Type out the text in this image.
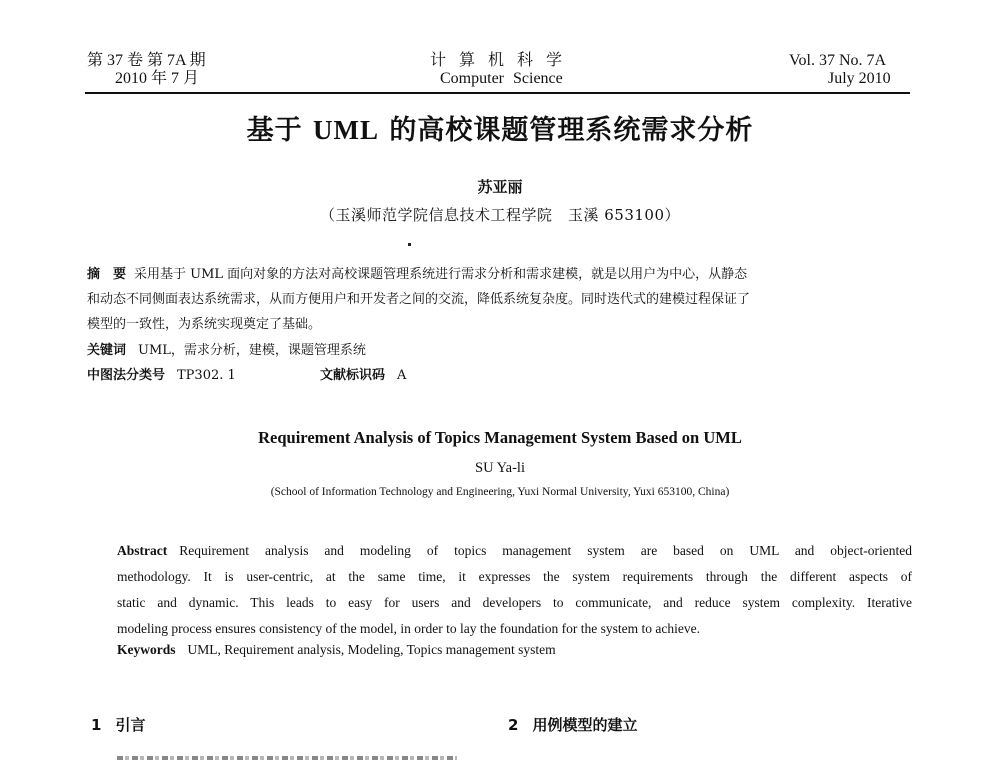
第 37 卷 第 7A 期
2010 年 7 月
计算机科学
Computer Science
Vol. 37 No. 7A
July 2010
基于 UML 的高校课题管理系统需求分析
苏亚丽
（玉溪师范学院信息技术工程学院　玉溪 653100）
摘　要 采用基于 UML 面向对象的方法对高校课题管理系统进行需求分析和需求建模，就是以用户为中心，从静态
和动态不同侧面表达系统需求，从而方便用户和开发者之间的交流，降低系统复杂度。同时迭代式的建模过程保证了
模型的一致性，为系统实现奠定了基础。
关键词 UML，需求分析，建模，课题管理系统
中图法分类号 TP302. 1	文献标识码 A
Requirement Analysis of Topics Management System Based on UML
SU Ya-li
(School of Information Technology and Engineering, Yuxi Normal University, Yuxi 653100, China)
Abstract Requirement analysis and modeling of topics management system are based on UML and object-oriented
methodology. It is user-centric, at the same time, it expresses the system requirements through the different aspects of
static and dynamic. This leads to easy for users and developers to communicate, and reduce system complexity. Iterative
modeling process ensures consistency of the model, in order to lay the foundation for the system to achieve.
Keywords UML, Requirement analysis, Modeling, Topics management system
1 引言	2 用例模型的建立
